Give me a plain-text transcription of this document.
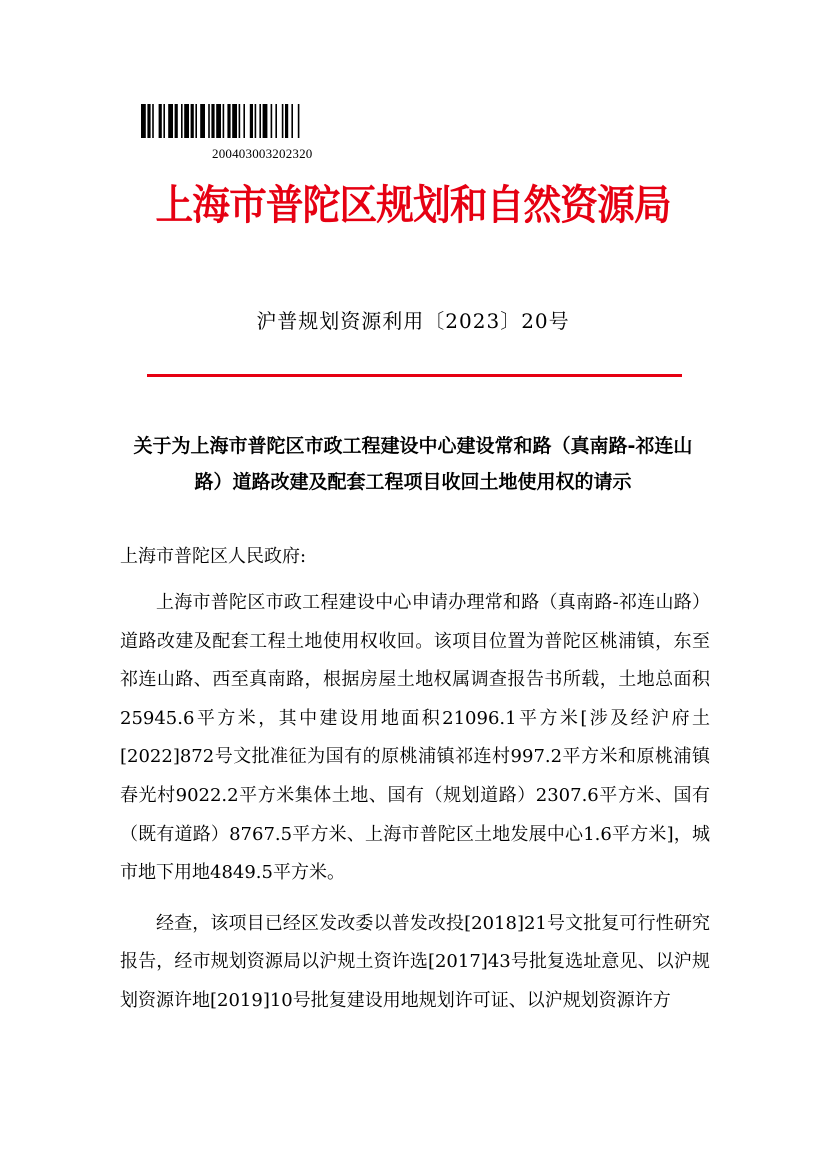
200403003202320
上海市普陀区规划和自然资源局
沪普规划资源利用〔2023〕20号
关于为上海市普陀区市政工程建设中心建设常和路（真南路-祁连山
路）道路改建及配套工程项目收回土地使用权的请示
上海市普陀区人民政府:

上海市普陀区市政工程建设中心申请办理常和路（真南路-祁连山路）道路改建及配套工程土地使用权收回。该项目位置为普陀区桃浦镇，东至祁连山路、西至真南路，根据房屋土地权属调查报告书所载，土地总面积25945.6平方米，其中建设用地面积21096.1平方米[涉及经沪府土[2022]872号文批准征为国有的原桃浦镇祁连村997.2平方米和原桃浦镇春光村9022.2平方米集体土地、国有（规划道路）2307.6平方米、国有（既有道路）8767.5平方米、上海市普陀区土地发展中心1.6平方米]，城市地下用地4849.5平方米。

经查，该项目已经区发改委以普发改投[2018]21号文批复可行性研究报告，经市规划资源局以沪规土资许选[2017]43号批复选址意见、以沪规划资源许地[2019]10号批复建设用地规划许可证、以沪规划资源许方
